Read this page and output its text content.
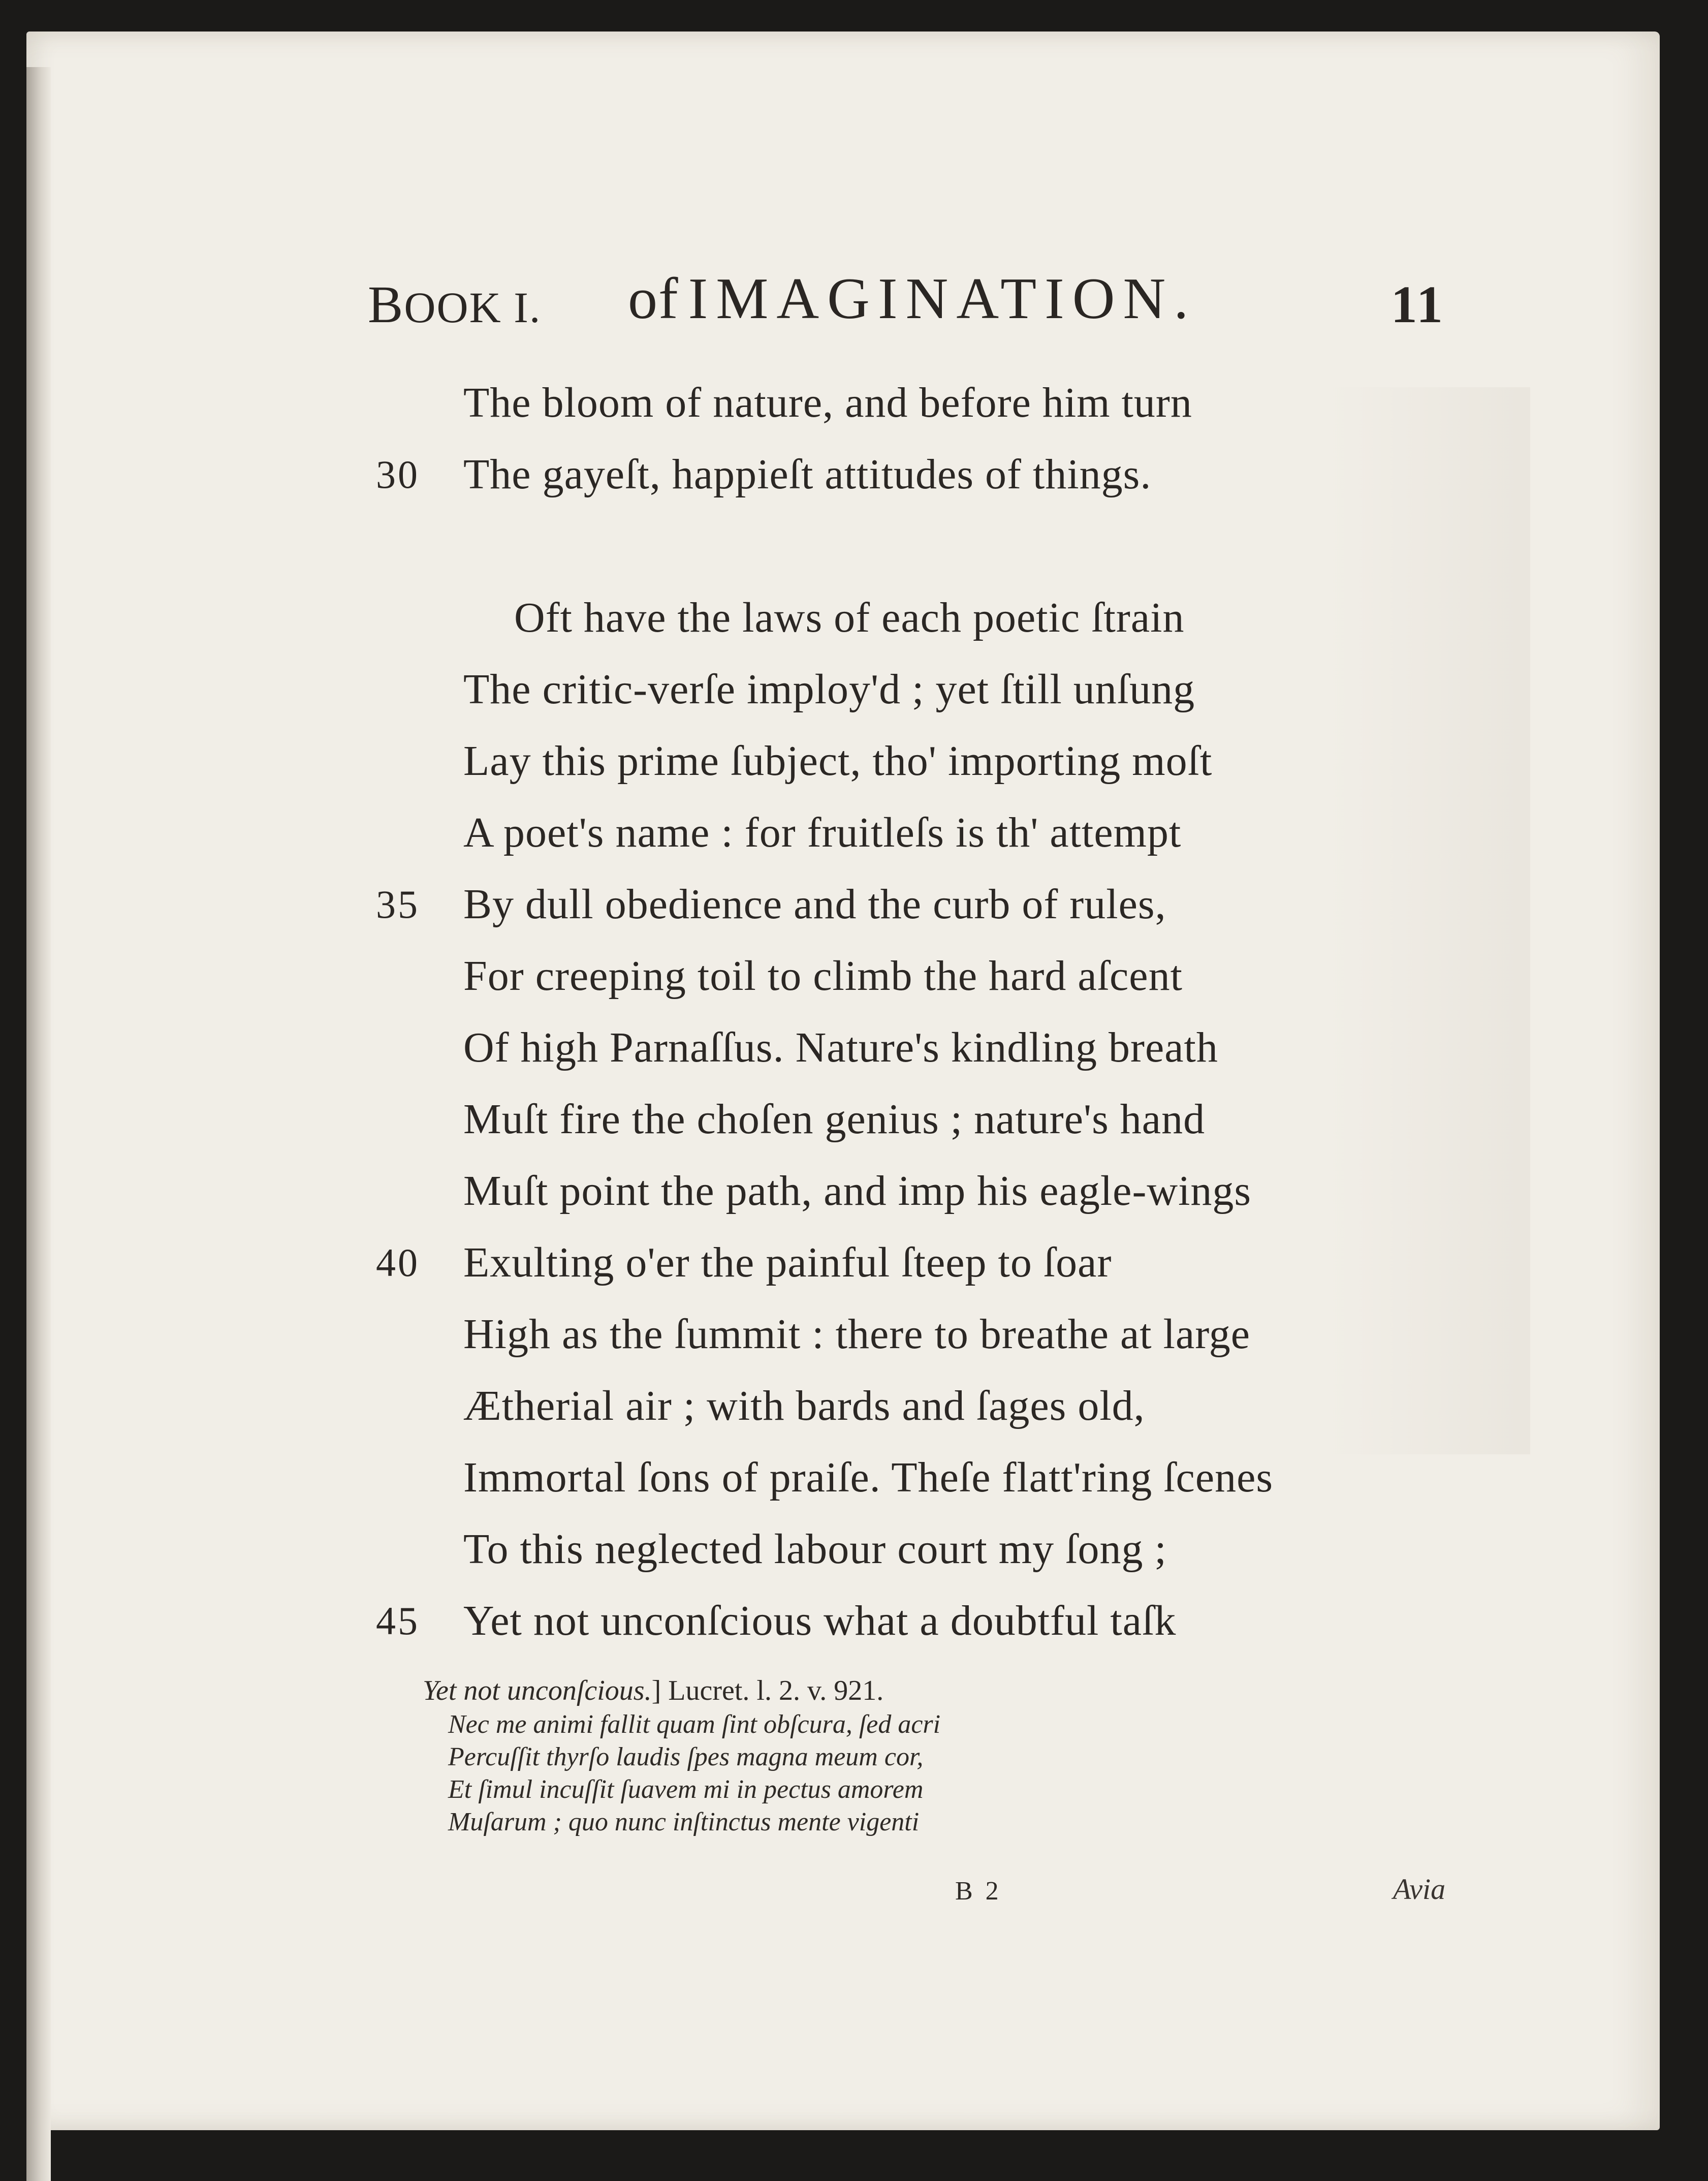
BOOK I. of IMAGINATION.	11
The bloom of nature, and before him turn
30	The gayeſt, happieſt attitudes of things.
Oft have the laws of each poetic ſtrain
The critic-verſe imploy'd ; yet ſtill unſung
Lay this prime ſubject, tho' importing moſt
A poet's name : for fruitleſs is th' attempt
35	By dull obedience and the curb of rules,
For creeping toil to climb the hard aſcent
Of high Parnaſſus. Nature's kindling breath
Muſt fire the choſen genius ; nature's hand
Muſt point the path, and imp his eagle-wings
40	Exulting o'er the painful ſteep to ſoar
High as the ſummit : there to breathe at large
Ætherial air ; with bards and ſages old,
Immortal ſons of praiſe. Theſe flatt'ring ſcenes
To this neglected labour court my ſong ;
45	Yet not unconſcious what a doubtful taſk
Yet not unconſcious.] Lucret. l. 2. v. 921.
Nec me animi fallit quam ſint obſcura, ſed acri
Percuſſit thyrſo laudis ſpes magna meum cor,
Et ſimul incuſſit ſuavem mi in pectus amorem
Muſarum ; quo nunc inſtinctus mente vigenti
B 2	Avia
